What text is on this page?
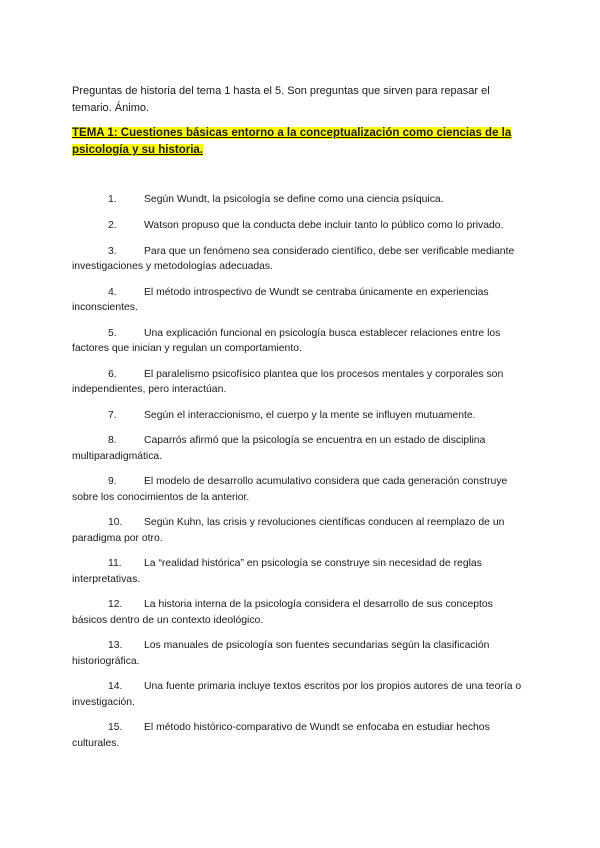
Preguntas de historia del tema 1 hasta el 5. Son preguntas que sirven para repasar el temario. Ánimo.

TEMA 1: Cuestiones básicas entorno a la conceptualización como ciencias de la psicología y su historia.

1.	Según Wundt, la psicología se define como una ciencia psíquica.
2.	Watson propuso que la conducta debe incluir tanto lo público como lo privado.
3.	Para que un fenómeno sea considerado científico, debe ser verificable mediante investigaciones y metodologías adecuadas.
4.	El método introspectivo de Wundt se centraba únicamente en experiencias inconscientes.
5.	Una explicación funcional en psicología busca establecer relaciones entre los factores que inician y regulan un comportamiento.
6.	El paralelismo psicofísico plantea que los procesos mentales y corporales son independientes, pero interactúan.
7.	Según el interaccionismo, el cuerpo y la mente se influyen mutuamente.
8.	Caparrós afirmó que la psicología se encuentra en un estado de disciplina multiparadigmática.
9.	El modelo de desarrollo acumulativo considera que cada generación construye sobre los conocimientos de la anterior.
10. Según Kuhn, las crisis y revoluciones científicas conducen al reemplazo de un paradigma por otro.
11. La “realidad histórica” en psicología se construye sin necesidad de reglas interpretativas.
12. La historia interna de la psicología considera el desarrollo de sus conceptos básicos dentro de un contexto ideológico.
13. Los manuales de psicología son fuentes secundarias según la clasificación historiográfica.
14. Una fuente primaria incluye textos escritos por los propios autores de una teoría o investigación.
15. El método histórico-comparativo de Wundt se enfocaba en estudiar hechos culturales.
